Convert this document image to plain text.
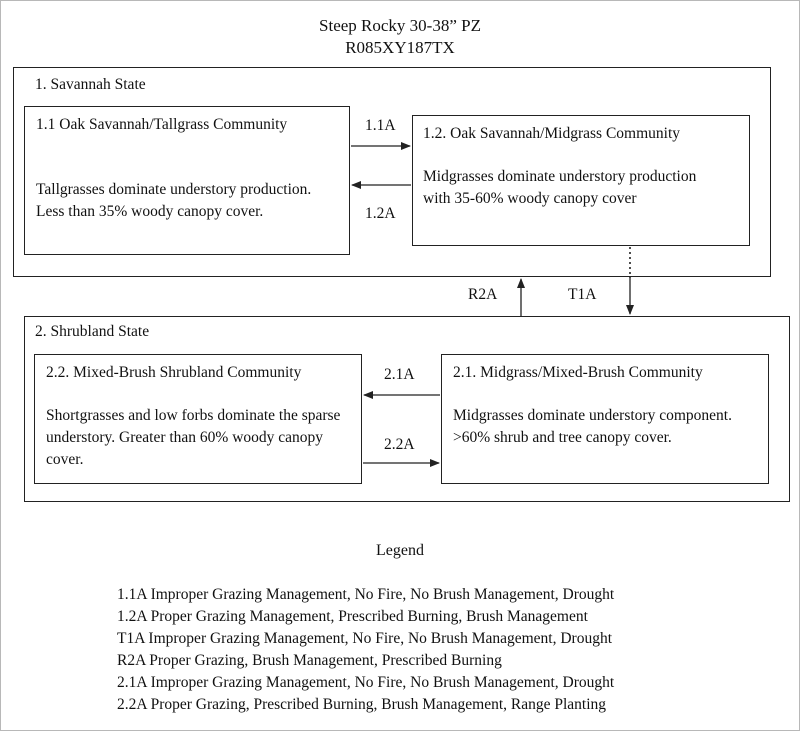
Steep Rocky 30-38” PZ
R085XY187TX
1. Savannah State
1.1 Oak Savannah/Tallgrass Community
Tallgrasses dominate understory production. Less than 35% woody canopy cover.
1.2. Oak Savannah/Midgrass Community
Midgrasses dominate understory production with 35-60% woody canopy cover
2. Shrubland State
2.2. Mixed-Brush Shrubland Community
Shortgrasses and low forbs dominate the sparse understory. Greater than 60% woody canopy cover.
2.1. Midgrass/Mixed-Brush Community
Midgrasses dominate understory component. >60% shrub and tree canopy cover.
1.1A
1.2A
R2A	T1A
2.1A
2.2A
Legend
1.1A Improper Grazing Management, No Fire, No Brush Management, Drought
1.2A Proper Grazing Management, Prescribed Burning, Brush Management
T1A Improper Grazing Management, No Fire, No Brush Management, Drought
R2A Proper Grazing, Brush Management, Prescribed Burning
2.1A Improper Grazing Management, No Fire, No Brush Management, Drought
2.2A Proper Grazing, Prescribed Burning, Brush Management, Range Planting
